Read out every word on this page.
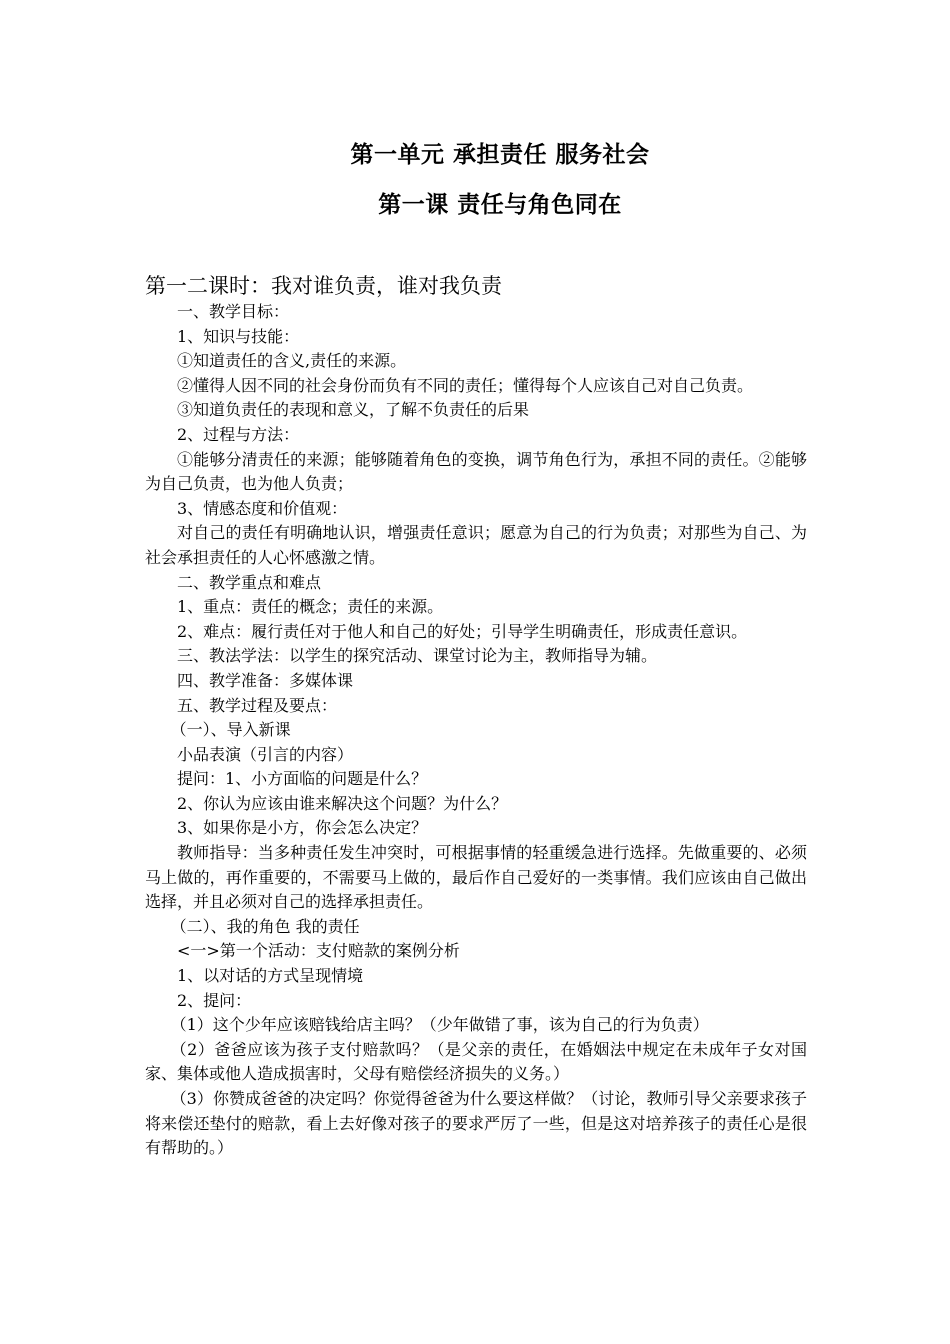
第一单元 承担责任 服务社会
第一课 责任与角色同在
第一二课时：我对谁负责，谁对我负责

一、教学目标：

1、知识与技能：

①知道责任的含义,责任的来源。

②懂得人因不同的社会身份而负有不同的责任；懂得每个人应该自己对自己负责。

③知道负责任的表现和意义，了解不负责任的后果

2、过程与方法：

①能够分清责任的来源；能够随着角色的变换，调节角色行为，承担不同的责任。②能够为自己负责，也为他人负责；

3、情感态度和价值观：

对自己的责任有明确地认识，增强责任意识；愿意为自己的行为负责；对那些为自己、为社会承担责任的人心怀感激之情。

二、教学重点和难点

1、重点：责任的概念；责任的来源。

2、难点：履行责任对于他人和自己的好处；引导学生明确责任，形成责任意识。

三、教法学法：以学生的探究活动、课堂讨论为主，教师指导为辅。

四、教学准备：多媒体课

五、教学过程及要点：

（一）、导入新课

小品表演（引言的内容）

提问：1、小方面临的问题是什么？

2、你认为应该由谁来解决这个问题？为什么？

3、如果你是小方，你会怎么决定？

教师指导：当多种责任发生冲突时，可根据事情的轻重缓急进行选择。先做重要的、必须马上做的，再作重要的，不需要马上做的，最后作自己爱好的一类事情。我们应该由自己做出选择，并且必须对自己的选择承担责任。

（二）、我的角色 我的责任

<一>第一个活动：支付赔款的案例分析

1、以对话的方式呈现情境

2、提问：

（1）这个少年应该赔钱给店主吗？（少年做错了事，该为自己的行为负责）

（2）爸爸应该为孩子支付赔款吗？（是父亲的责任，在婚姻法中规定在未成年子女对国家、集体或他人造成损害时，父母有赔偿经济损失的义务。）

（3）你赞成爸爸的决定吗？你觉得爸爸为什么要这样做？（讨论，教师引导父亲要求孩子将来偿还垫付的赔款，看上去好像对孩子的要求严厉了一些，但是这对培养孩子的责任心是很有帮助的。）
